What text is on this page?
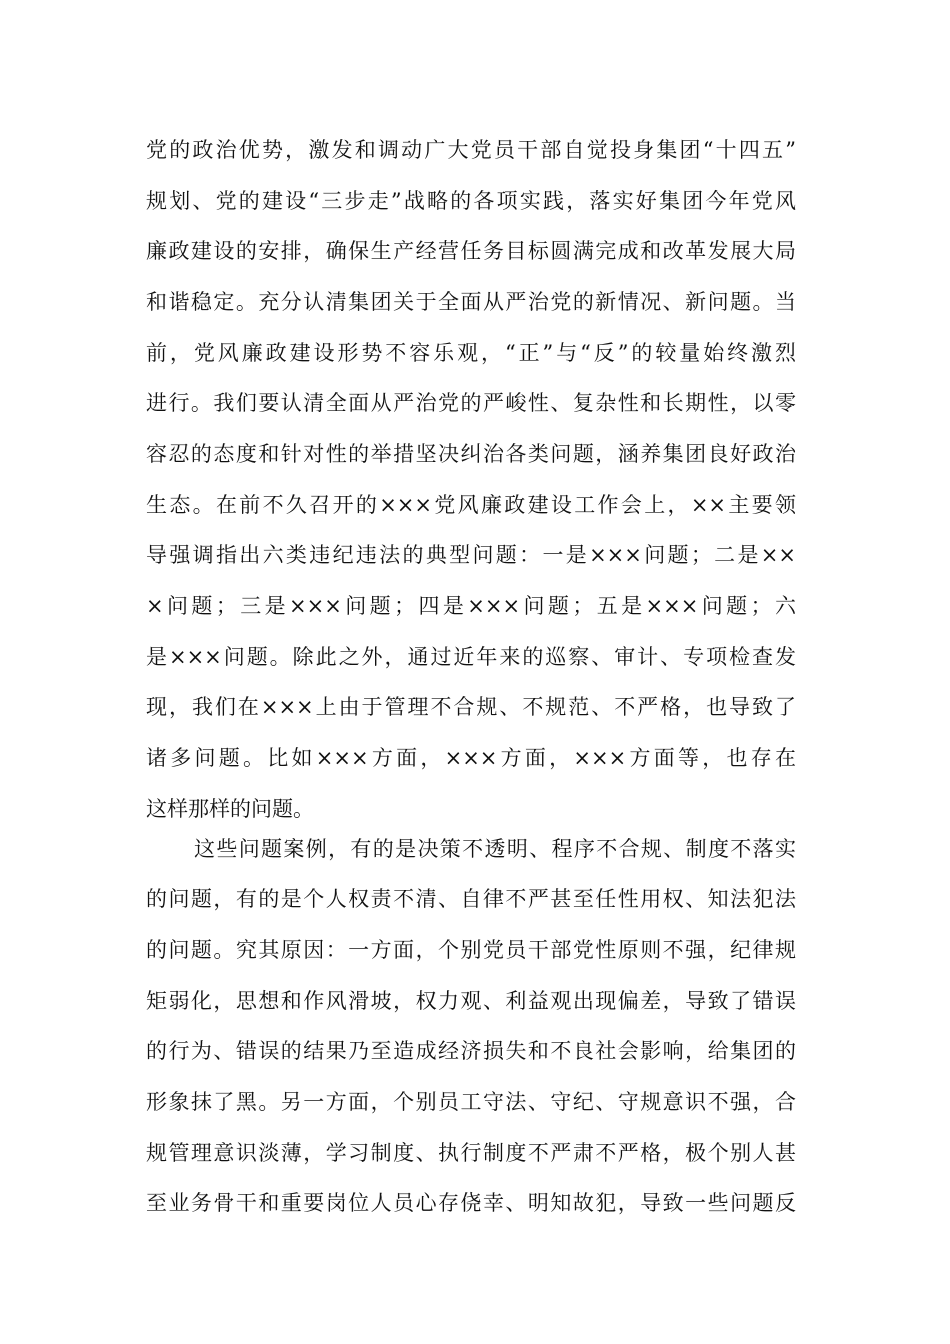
党的政治优势，激发和调动广大党员干部自觉投身集团“十四五”
规划、党的建设“三步走”战略的各项实践，落实好集团今年党风
廉政建设的安排，确保生产经营任务目标圆满完成和改革发展大局
和谐稳定。充分认清集团关于全面从严治党的新情况、新问题。当
前，党风廉政建设形势不容乐观，“正”与“反”的较量始终激烈
进行。我们要认清全面从严治党的严峻性、复杂性和长期性，以零
容忍的态度和针对性的举措坚决纠治各类问题，涵养集团良好政治
生态。在前不久召开的×××党风廉政建设工作会上，××主要领
导强调指出六类违纪违法的典型问题：一是×××问题；二是××
×问题；三是×××问题；四是×××问题；五是×××问题；六
是×××问题。除此之外，通过近年来的巡察、审计、专项检查发
现，我们在×××上由于管理不合规、不规范、不严格，也导致了
诸多问题。比如×××方面，×××方面，×××方面等，也存在
这样那样的问题。
这些问题案例，有的是决策不透明、程序不合规、制度不落实
的问题，有的是个人权责不清、自律不严甚至任性用权、知法犯法
的问题。究其原因：一方面，个别党员干部党性原则不强，纪律规
矩弱化，思想和作风滑坡，权力观、利益观出现偏差，导致了错误
的行为、错误的结果乃至造成经济损失和不良社会影响，给集团的
形象抹了黑。另一方面，个别员工守法、守纪、守规意识不强，合
规管理意识淡薄，学习制度、执行制度不严肃不严格，极个别人甚
至业务骨干和重要岗位人员心存侥幸、明知故犯，导致一些问题反
